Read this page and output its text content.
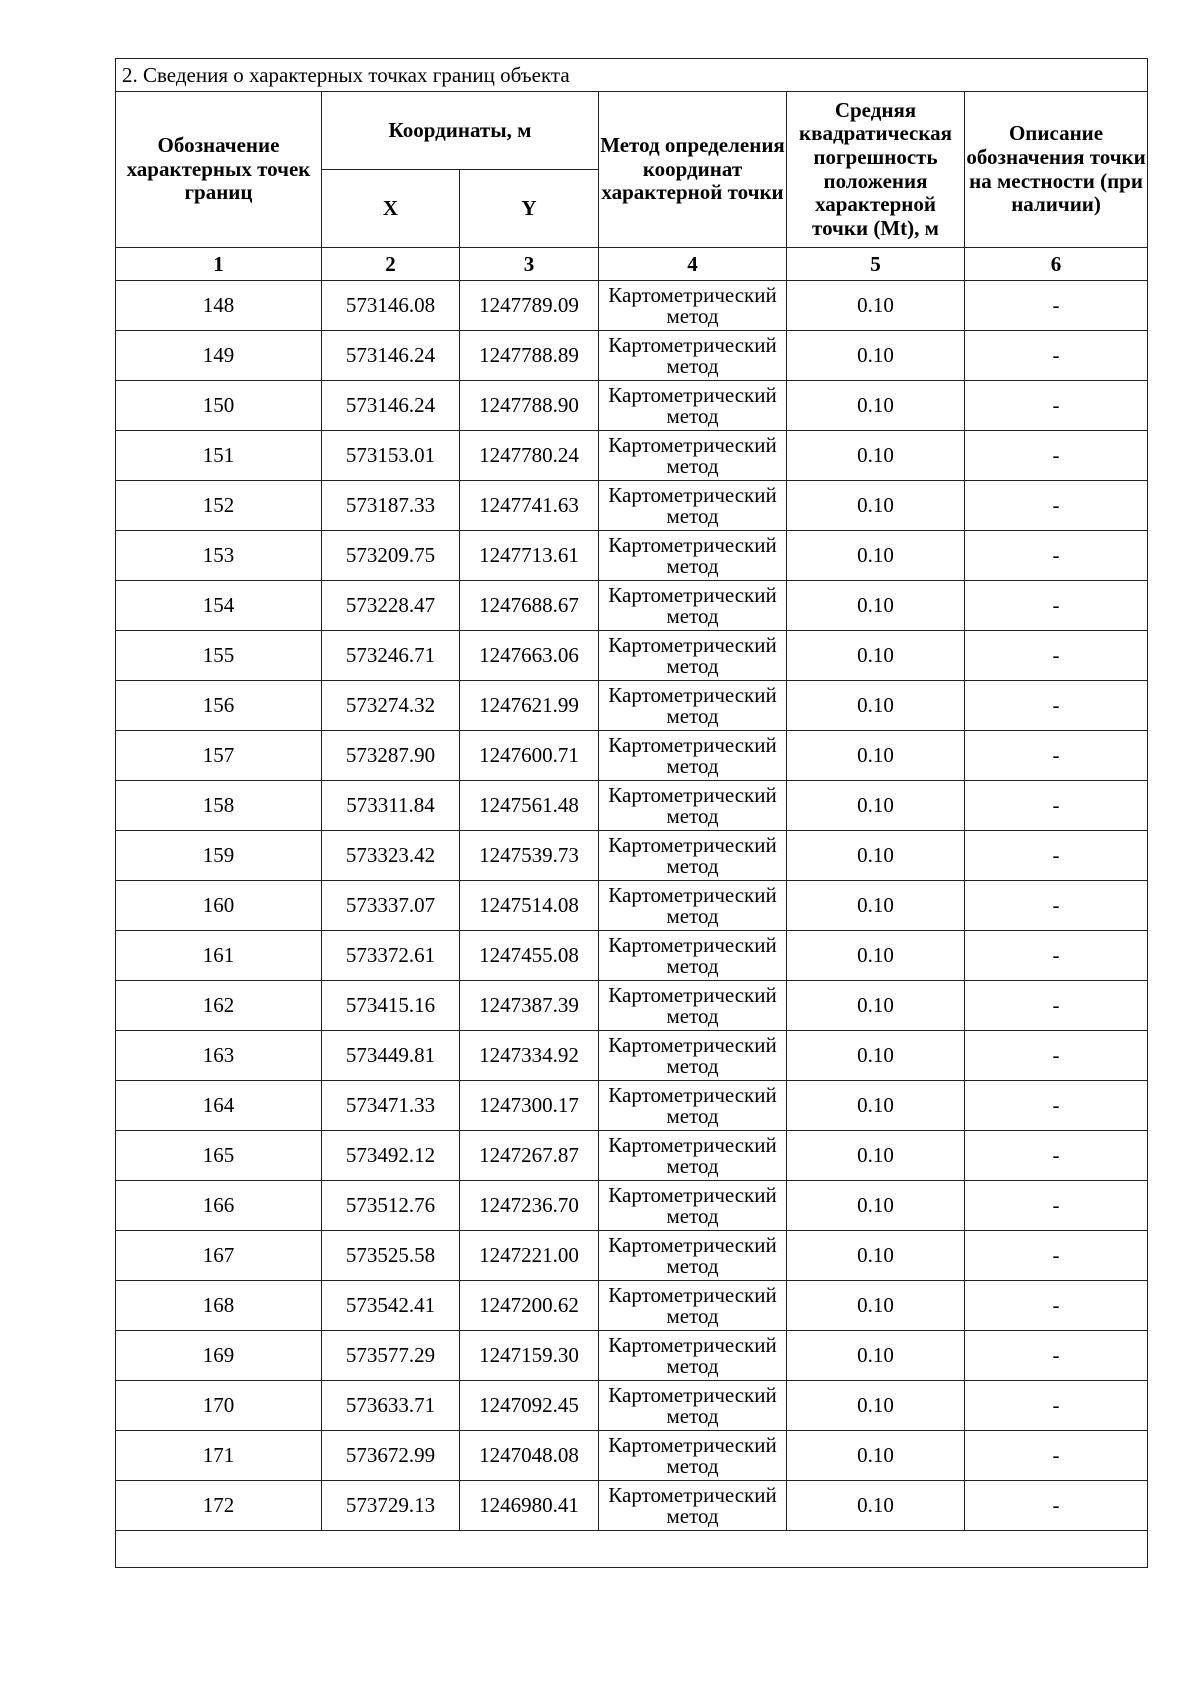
2. Сведения о характерных точках границ объекта					
Обозначение характерных точек границ	Координаты, м		Метод определения координат характерной точки	Средняя квадратическая погрешность положения характерной точки (Mt), м	Описание обозначения точки на местности (при наличии)
	X	Y			
1	2	3	4	5	6
148	573146.08	1247789.09	Картометрический метод	0.10	-
149	573146.24	1247788.89	Картометрический метод	0.10	-
150	573146.24	1247788.90	Картометрический метод	0.10	-
151	573153.01	1247780.24	Картометрический метод	0.10	-
152	573187.33	1247741.63	Картометрический метод	0.10	-
153	573209.75	1247713.61	Картометрический метод	0.10	-
154	573228.47	1247688.67	Картометрический метод	0.10	-
155	573246.71	1247663.06	Картометрический метод	0.10	-
156	573274.32	1247621.99	Картометрический метод	0.10	-
157	573287.90	1247600.71	Картометрический метод	0.10	-
158	573311.84	1247561.48	Картометрический метод	0.10	-
159	573323.42	1247539.73	Картометрический метод	0.10	-
160	573337.07	1247514.08	Картометрический метод	0.10	-
161	573372.61	1247455.08	Картометрический метод	0.10	-
162	573415.16	1247387.39	Картометрический метод	0.10	-
163	573449.81	1247334.92	Картометрический метод	0.10	-
164	573471.33	1247300.17	Картометрический метод	0.10	-
165	573492.12	1247267.87	Картометрический метод	0.10	-
166	573512.76	1247236.70	Картометрический метод	0.10	-
167	573525.58	1247221.00	Картометрический метод	0.10	-
168	573542.41	1247200.62	Картометрический метод	0.10	-
169	573577.29	1247159.30	Картометрический метод	0.10	-
170	573633.71	1247092.45	Картометрический метод	0.10	-
171	573672.99	1247048.08	Картометрический метод	0.10	-
172	573729.13	1246980.41	Картометрический метод	0.10	-
